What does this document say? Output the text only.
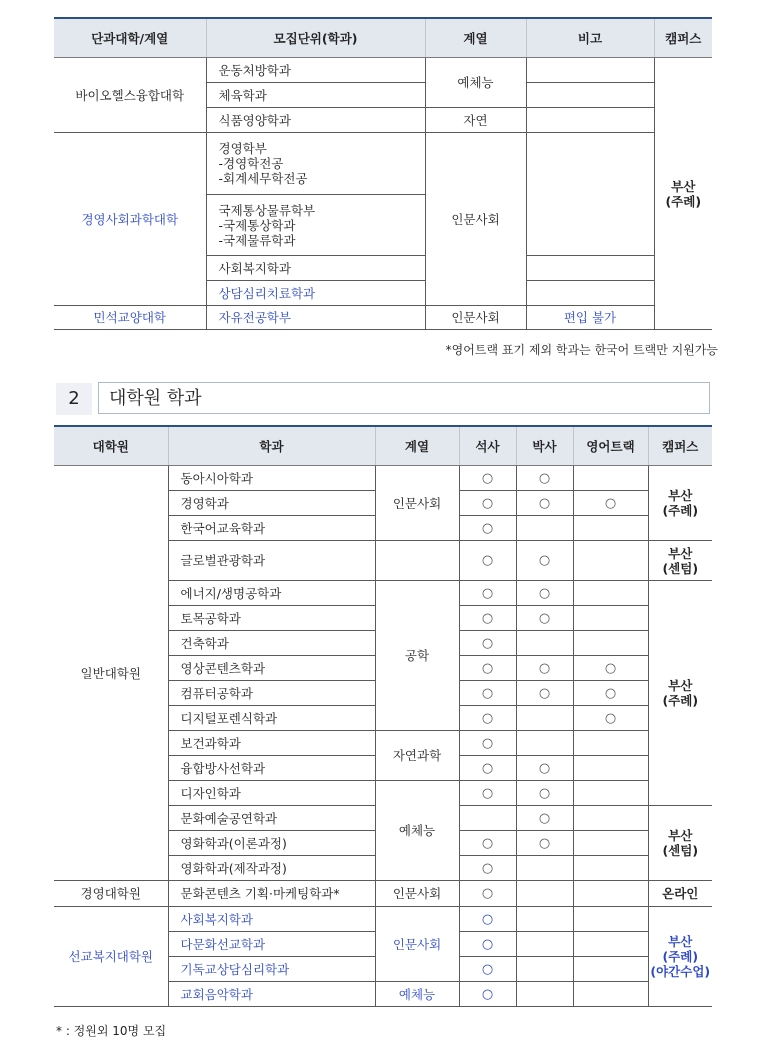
단과대학/계열	모집단위(학과)	계열	비고	캠퍼스
바이오헬스융합대학	운동처방학과	예체능		부산
(주례)

	체육학과			
	식품영양학과	자연		
경영사회과학대학	경영학부
-경영학전공
-회계세무학전공	인문사회		

	국제통상물류학부
-국제통상학과
-국제물류학과			

	사회복지학과			
	상담심리치료학과			
민석교양대학	자유전공학부	인문사회	편입 불가	
*영어트랙 표기 제외 학과는 한국어 트랙만 지원가능
2	대학원 학과
대학원	학과	계열	석사	박사	영어트랙	캠퍼스
일반대학원	동아시아학과	인문사회	○	○		부산
(주례)

	경영학과		○	○	○	
	한국어교육학과		○			
	글로벌관광학과		○	○		부산
(센텀)

	에너지/생명공학과	공학	○	○		부산
(주례)

	토목공학과		○	○		
	건축학과		○			
	영상콘텐츠학과		○	○	○	
	컴퓨터공학과		○	○	○	
	디지털포렌식학과		○		○	
	보건과학과	자연과학	○			
	융합방사선학과		○	○		
	디자인학과	예체능	○	○		
	문화예술공연학과			○		부산
(센텀)

	영화학과(이론과정)		○	○		
	영화학과(제작과정)		○			
경영대학원	문화콘텐츠 기획·마케팅학과*	인문사회	○			온라인
선교복지대학원	사회복지학과	인문사회	○			부산
(주례)
(야간수업)

	다문화선교학과		○			
	기독교상담심리학과		○			
	교회음악학과	예체능	○			
* : 정원외 10명 모집
